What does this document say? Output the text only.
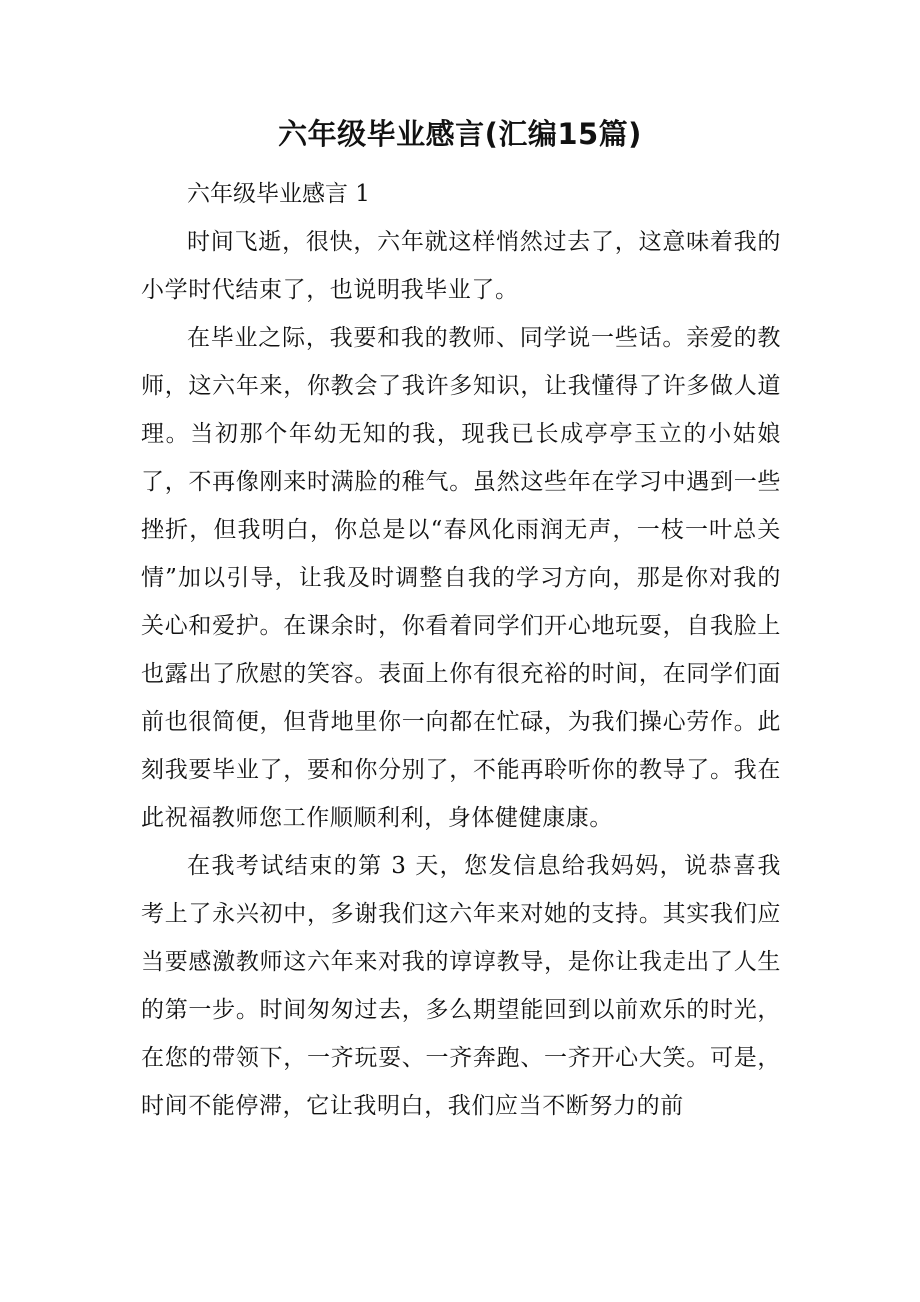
六年级毕业感言(汇编15篇)
六年级毕业感言 1

时间飞逝，很快，六年就这样悄然过去了，这意味着我的小学时代结束了，也说明我毕业了。

在毕业之际，我要和我的教师、同学说一些话。亲爱的教师，这六年来，你教会了我许多知识，让我懂得了许多做人道理。当初那个年幼无知的我，现我已长成亭亭玉立的小姑娘了，不再像刚来时满脸的稚气。虽然这些年在学习中遇到一些挫折，但我明白，你总是以“春风化雨润无声，一枝一叶总关情”加以引导，让我及时调整自我的学习方向，那是你对我的关心和爱护。在课余时，你看着同学们开心地玩耍，自我脸上也露出了欣慰的笑容。表面上你有很充裕的时间，在同学们面前也很简便，但背地里你一向都在忙碌，为我们操心劳作。此刻我要毕业了，要和你分别了，不能再聆听你的教导了。我在此祝福教师您工作顺顺利利，身体健健康康。

在我考试结束的第 3 天，您发信息给我妈妈，说恭喜我考上了永兴初中，多谢我们这六年来对她的支持。其实我们应当要感激教师这六年来对我的谆谆教导，是你让我走出了人生的第一步。时间匆匆过去，多么期望能回到以前欢乐的时光，在您的带领下，一齐玩耍、一齐奔跑、一齐开心大笑。可是，时间不能停滞，它让我明白，我们应当不断努力的前
